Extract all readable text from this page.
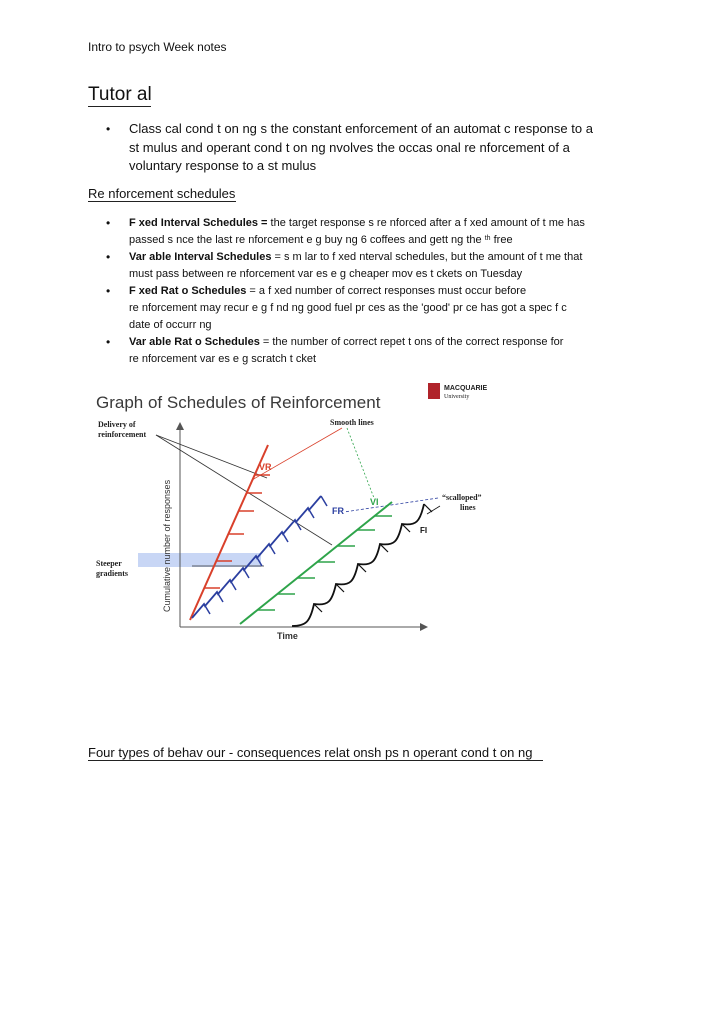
Intro to psych Week notes
Tutor al
• Class cal cond t on ng s the constant enforcement of an automat c response to a
st mulus and operant cond t on ng nvolves the occas onal re nforcement of a
voluntary response to a st mulus
Re nforcement schedules
• F xed Interval Schedules = the target response s re nforced after a f xed amount of t me has
passed s nce the last re nforcement e g buy ng 6 coffees and gett ng the $^{th}$ free
• Var able Interval Schedules = s m lar to f xed nterval schedules, but the amount of t me that
must pass between re nforcement var es e g cheaper mov es t ckets on Tuesday
• F xed Rat o Schedules = a f xed number of correct responses must occur before
re nforcement may recur e g f nd ng good fuel pr ces as the 'good' pr ce has got a spec f c
date of occurr ng
• Var able Rat o Schedules = the number of correct repet t ons of the correct response for
re nforcement var es e g scratch t cket
Graph of Schedules of Reinforcement
MACQUARIE
University
Cumulative number of responses
Time
Delivery of
reinforcement
Steeper
gradients
Smooth lines
“scalloped”
lines
VR
FR
VI
FI
Four types of behav our - consequences relat onsh ps n operant cond t on ng
